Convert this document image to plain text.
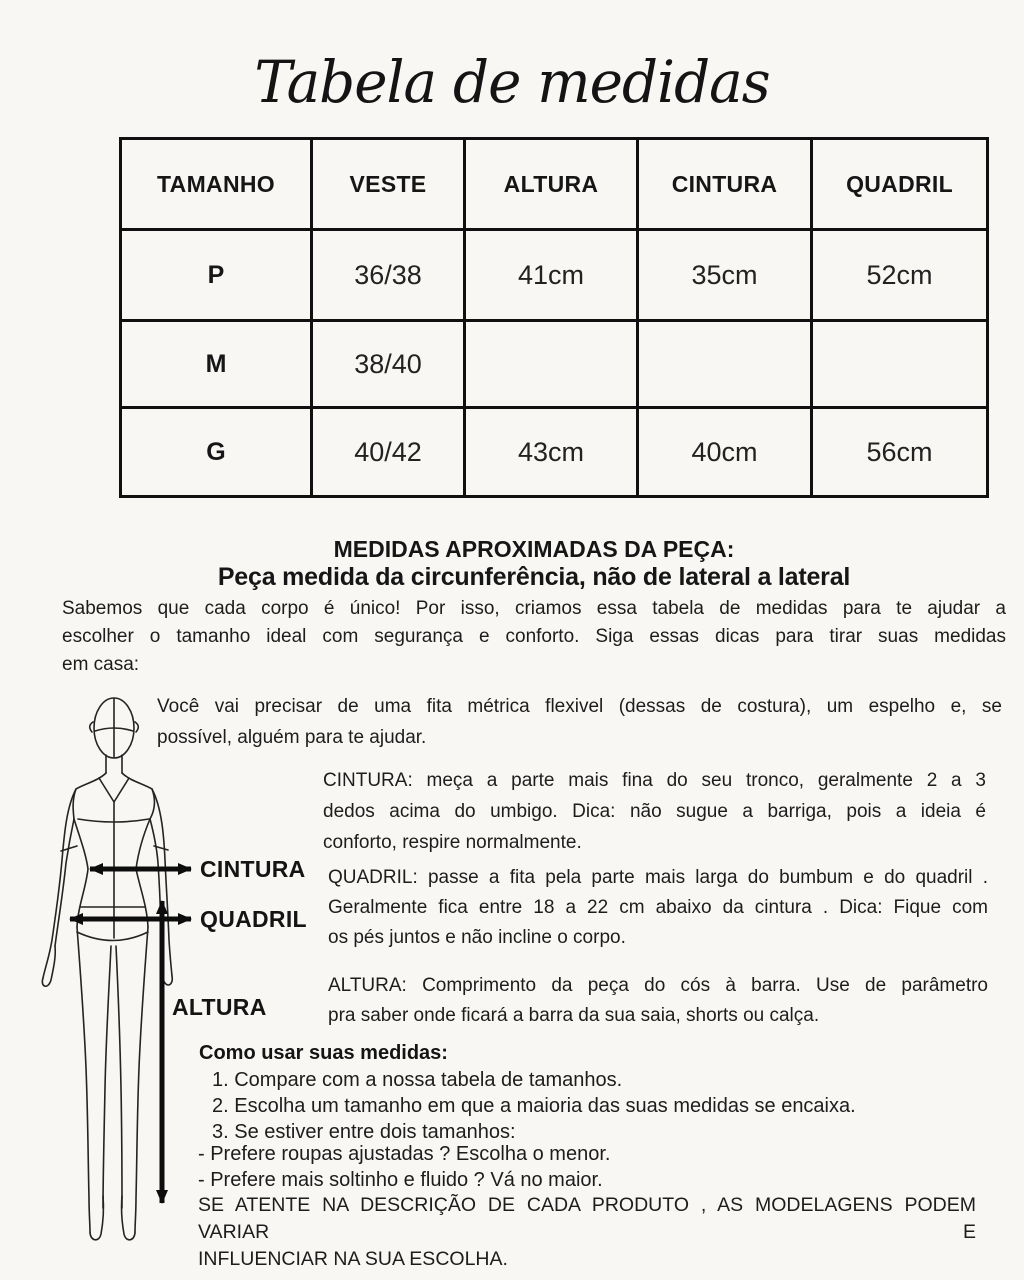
Tabela de medidas
TAMANHO	VESTE	ALTURA	CINTURA	QUADRIL
P	36/38	41cm	35cm	52cm
M	38/40			
G	40/42	43cm	40cm	56cm
MEDIDAS APROXIMADAS DA PEÇA:
Peça medida da circunferência, não de lateral a lateral
Sabemos que cada corpo é único! Por isso, criamos essa tabela de medidas para te ajudar a
escolher o tamanho ideal com segurança e conforto. Siga essas dicas para tirar suas medidas
em casa:
Você vai precisar de uma fita métrica flexivel (dessas de costura), um espelho e, se
possível, alguém para te ajudar.
CINTURA
QUADRIL
ALTURA
CINTURA: meça a parte mais fina do seu tronco, geralmente 2 a 3
dedos acima do umbigo. Dica: não sugue a barriga, pois a ideia é
conforto, respire normalmente.
QUADRIL: passe a fita pela parte mais larga do bumbum e do quadril .
Geralmente fica entre 18 a 22 cm abaixo da cintura . Dica: Fique com
os pés juntos e não incline o corpo.
ALTURA: Comprimento da peça do cós à barra. Use de parâmetro
pra saber onde ficará a barra da sua saia, shorts ou calça.
Como usar suas medidas:
1. Compare com a nossa tabela de tamanhos.
2. Escolha um tamanho em que a maioria das suas medidas se encaixa.
3. Se estiver entre dois tamanhos:
- Prefere roupas ajustadas ? Escolha o menor.
- Prefere mais soltinho e fluido ? Vá no maior.
SE ATENTE NA DESCRIÇÃO DE CADA PRODUTO , AS MODELAGENS PODEM VARIAR E
INFLUENCIAR NA SUA ESCOLHA.
